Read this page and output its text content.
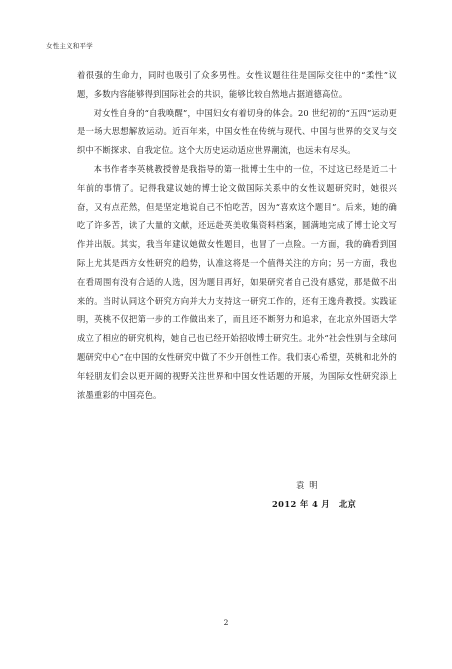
女性主义和平学

着很强的生命力，同时也吸引了众多男性。女性议题往往是国际交往中的“柔性”议题，多数内容能够得到国际社会的共识，能够比较自然地占据道德高位。

对女性自身的“自我唤醒”，中国妇女有着切身的体会。20 世纪初的“五四”运动更是一场大思想解放运动。近百年来，中国女性在传统与现代、中国与世界的交叉与交织中不断探求、自我定位。这个大历史运动适应世界潮流，也远未有尽头。

本书作者李英桃教授曾是我指导的第一批博士生中的一位，不过这已经是近二十年前的事情了。记得我建议她的博士论文做国际关系中的女性议题研究时，她很兴奋，又有点茫然，但是坚定地说自己不怕吃苦，因为“喜欢这个题目”。后来，她的确吃了许多苦，读了大量的文献，还远赴英美收集资料档案，圆满地完成了博士论文写作并出版。其实，我当年建议她做女性题目，也冒了一点险。一方面，我的确看到国际上尤其是西方女性研究的趋势，认准这将是一个值得关注的方向；另一方面，我也在看周围有没有合适的人选，因为题目再好，如果研究者自己没有感觉，那是做不出来的。当时认同这个研究方向并大力支持这一研究工作的，还有王逸舟教授。实践证明，英桃不仅把第一步的工作做出来了，而且还不断努力和追求，在北京外国语大学成立了相应的研究机构，她自己也已经开始招收博士研究生。北外“社会性别与全球问题研究中心”在中国的女性研究中做了不少开创性工作。我们衷心希望，英桃和北外的年轻朋友们会以更开阔的视野关注世界和中国女性话题的开展，为国际女性研究添上浓墨重彩的中国亮色。

袁明
2012 年 4 月　北京
2
